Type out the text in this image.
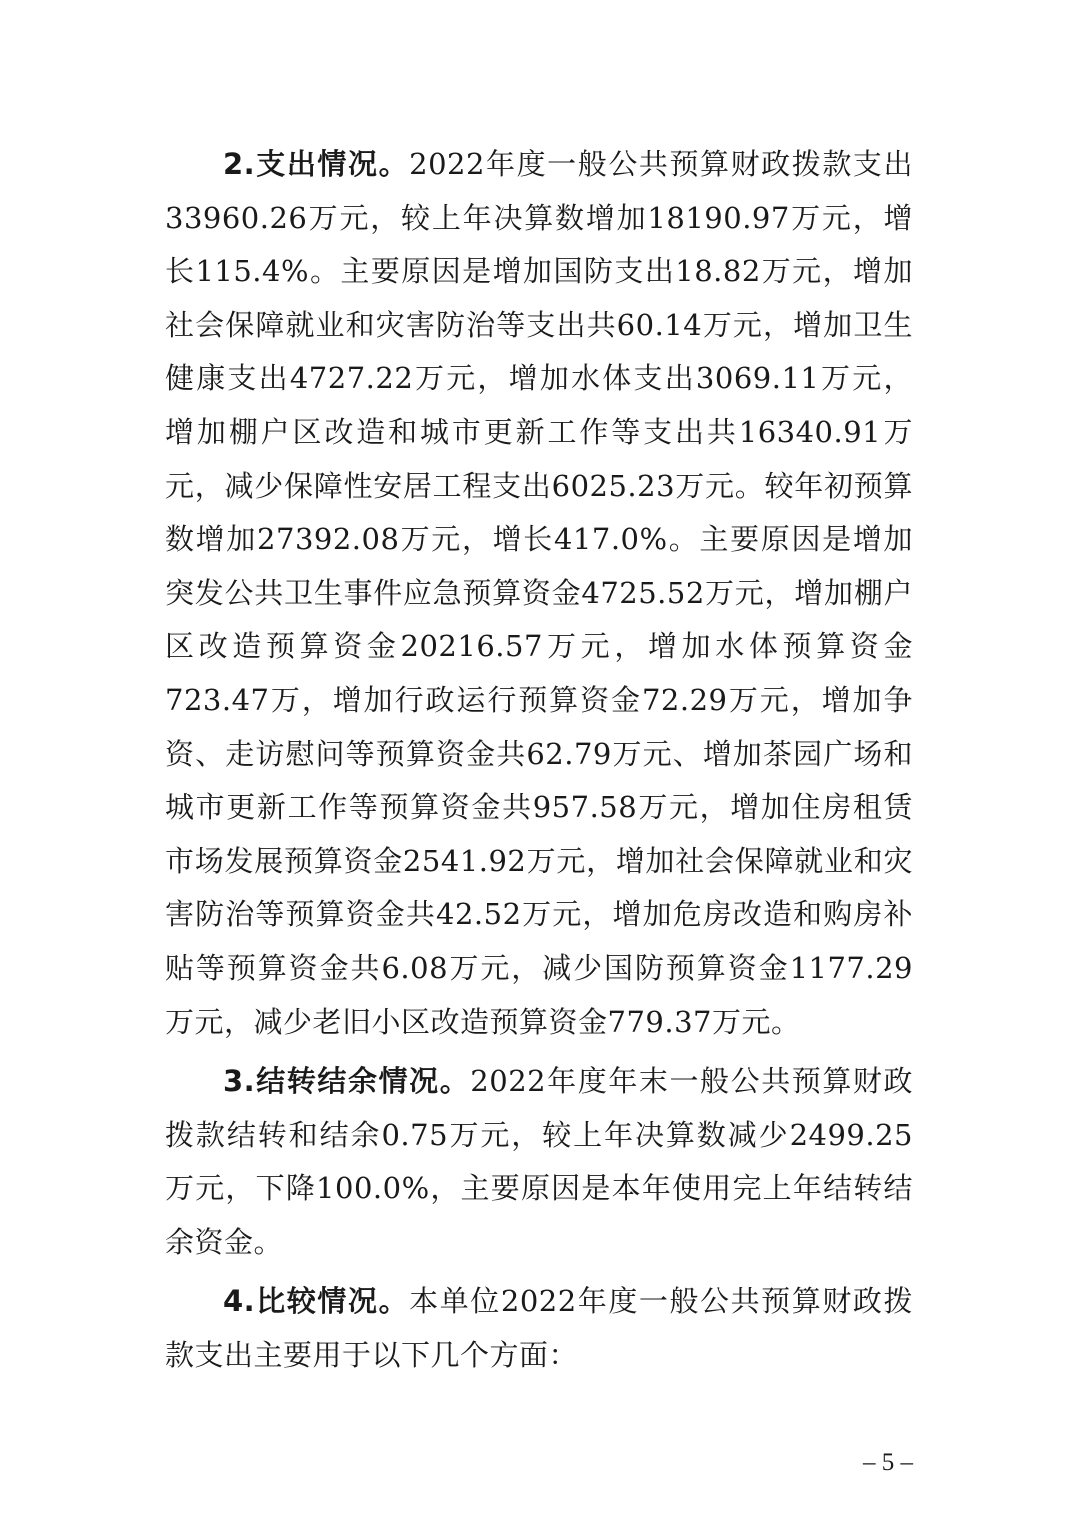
2.支出情况。2022年度一般公共预算财政拨款支出33960.26万元，较上年决算数增加18190.97万元，增长115.4%。主要原因是增加国防支出18.82万元，增加社会保障就业和灾害防治等支出共60.14万元，增加卫生健康支出4727.22万元，增加水体支出3069.11万元，增加棚户区改造和城市更新工作等支出共16340.91万元，减少保障性安居工程支出6025.23万元。较年初预算数增加27392.08万元，增长417.0%。主要原因是增加突发公共卫生事件应急预算资金4725.52万元，增加棚户区改造预算资金20216.57万元，增加水体预算资金723.47万，增加行政运行预算资金72.29万元，增加争资、走访慰问等预算资金共62.79万元、增加茶园广场和城市更新工作等预算资金共957.58万元，增加住房租赁市场发展预算资金2541.92万元，增加社会保障就业和灾害防治等预算资金共42.52万元，增加危房改造和购房补贴等预算资金共6.08万元，减少国防预算资金1177.29万元，减少老旧小区改造预算资金779.37万元。

3.结转结余情况。2022年度年末一般公共预算财政拨款结转和结余0.75万元，较上年决算数减少2499.25万元，下降100.0%，主要原因是本年使用完上年结转结余资金。

4.比较情况。本单位2022年度一般公共预算财政拨款支出主要用于以下几个方面：

– 5 –
